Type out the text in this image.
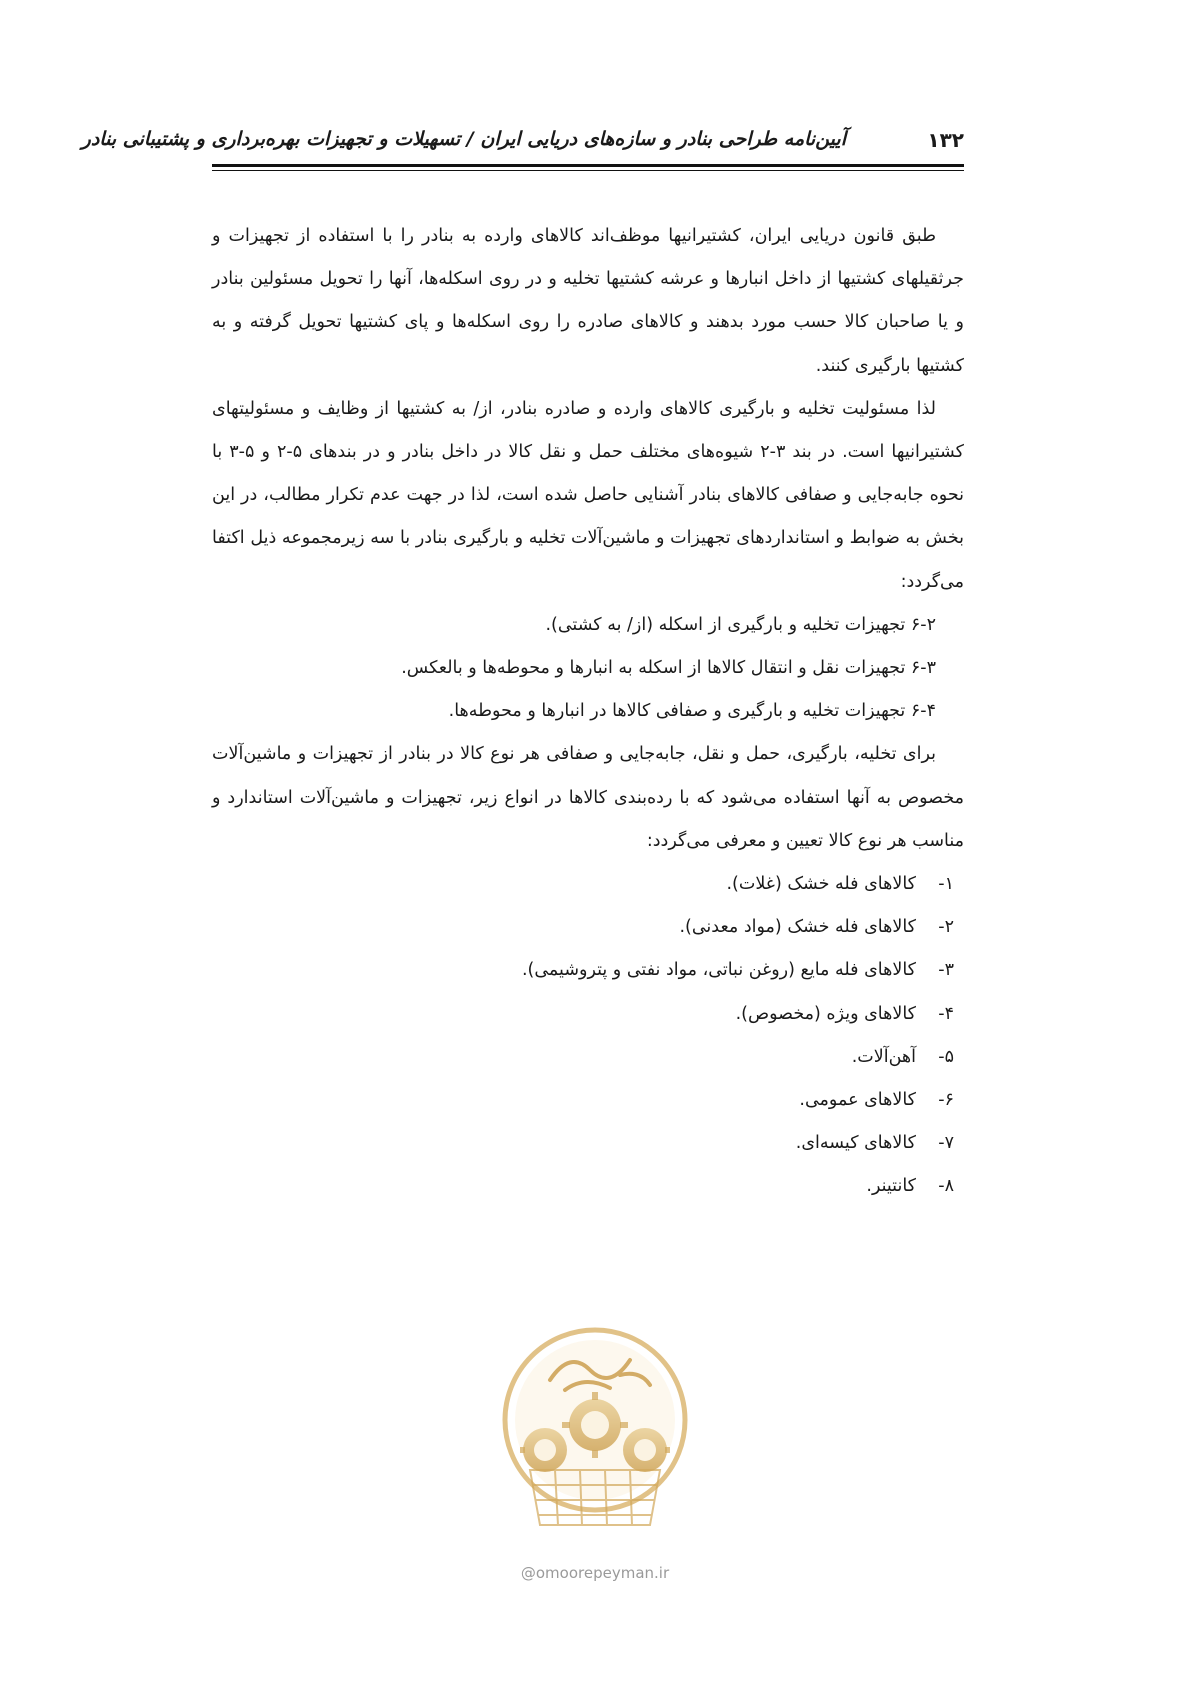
۱۳۲
آیین‌نامه طراحی بنادر و سازه‌های دریایی ایران / تسهیلات و تجهیزات بهره‌برداری و پشتیبانی بنادر

طبق قانون دریایی ایران، کشتیرانیها موظف‌اند کالاهای وارده به بنادر را با استفاده از تجهیزات و جرثقیلهای کشتیها از داخل انبارها و عرشه کشتیها تخلیه و در روی اسکله‌ها، آنها را تحویل مسئولین بنادر و یا صاحبان کالا حسب مورد بدهند و کالاهای صادره را روی اسکله‌ها و پای کشتیها تحویل گرفته و به کشتیها بارگیری کنند.

لذا مسئولیت تخلیه و بارگیری کالاهای وارده و صادره بنادر، از/ به کشتیها از وظایف و مسئولیتهای کشتیرانیها است. در بند ۳-۲ شیوه‌های مختلف حمل و نقل کالا در داخل بنادر و در بندهای ۵-۲ و ۵-۳ با نحوه جابه‌جایی و صفافی کالاهای بنادر آشنایی حاصل شده است، لذا در جهت عدم تکرار مطالب، در این بخش به ضوابط و استانداردهای تجهیزات و ماشین‌آلات تخلیه و بارگیری بنادر با سه زیرمجموعه ذیل اکتفا می‌گردد:

۶-۲ تجهیزات تخلیه و بارگیری از اسکله (از/ به کشتی).

۶-۳ تجهیزات نقل و انتقال کالاها از اسکله به انبارها و محوطه‌ها و بالعکس.

۶-۴ تجهیزات تخلیه و بارگیری و صفافی کالاها در انبارها و محوطه‌ها.

برای تخلیه، بارگیری، حمل و نقل، جابه‌جایی و صفافی هر نوع کالا در بنادر از تجهیزات و ماشین‌آلات مخصوص به آنها استفاده می‌شود که با رده‌بندی کالاها در انواع زیر، تجهیزات و ماشین‌آلات استاندارد و مناسب هر نوع کالا تعیین و معرفی می‌گردد:

۱-کالاهای فله خشک (غلات).
۲-کالاهای فله خشک (مواد معدنی).
۳-کالاهای فله مایع (روغن نباتی، مواد نفتی و پتروشیمی).
۴-کالاهای ویژه (مخصوص).
۵-آهن‌آلات.
۶-کالاهای عمومی.
۷-کالاهای کیسه‌ای.
۸-کانتینر.
@omoorepeyman.ir
